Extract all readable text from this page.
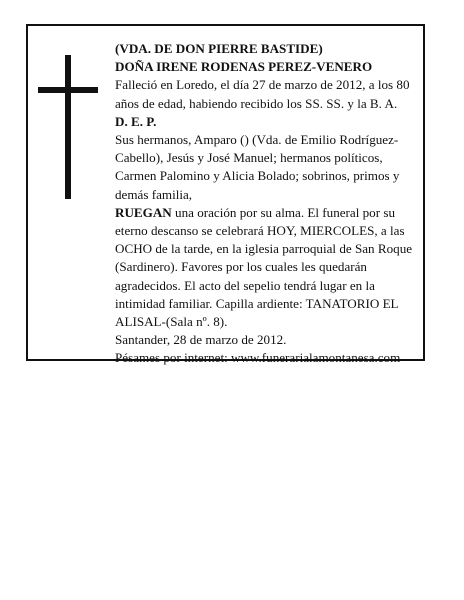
(VDA. DE DON PIERRE BASTIDE)

DOÑA IRENE RODENAS PEREZ-VENERO

Falleció en Loredo, el día 27 de marzo de 2012, a los 80 años de edad, habiendo recibido los SS. SS. y la B. A.

D. E. P.

Sus hermanos, Amparo () (Vda. de Emilio Rodríguez-Cabello), Jesús y José Manuel; hermanos políticos, Carmen Palomino y Alicia Bolado; sobrinos, primos y demás familia,

RUEGAN una oración por su alma. El funeral por su eterno descanso se celebrará HOY, MIERCOLES, a las OCHO de la tarde, en la iglesia parroquial de San Roque (Sardinero). Favores por los cuales les quedarán agradecidos. El acto del sepelio tendrá lugar en la intimidad familiar. Capilla ardiente: TANATORIO EL ALISAL-(Sala nº. 8).

Santander, 28 de marzo de 2012.

Pésames por internet: www.funerarialamontanesa.com
